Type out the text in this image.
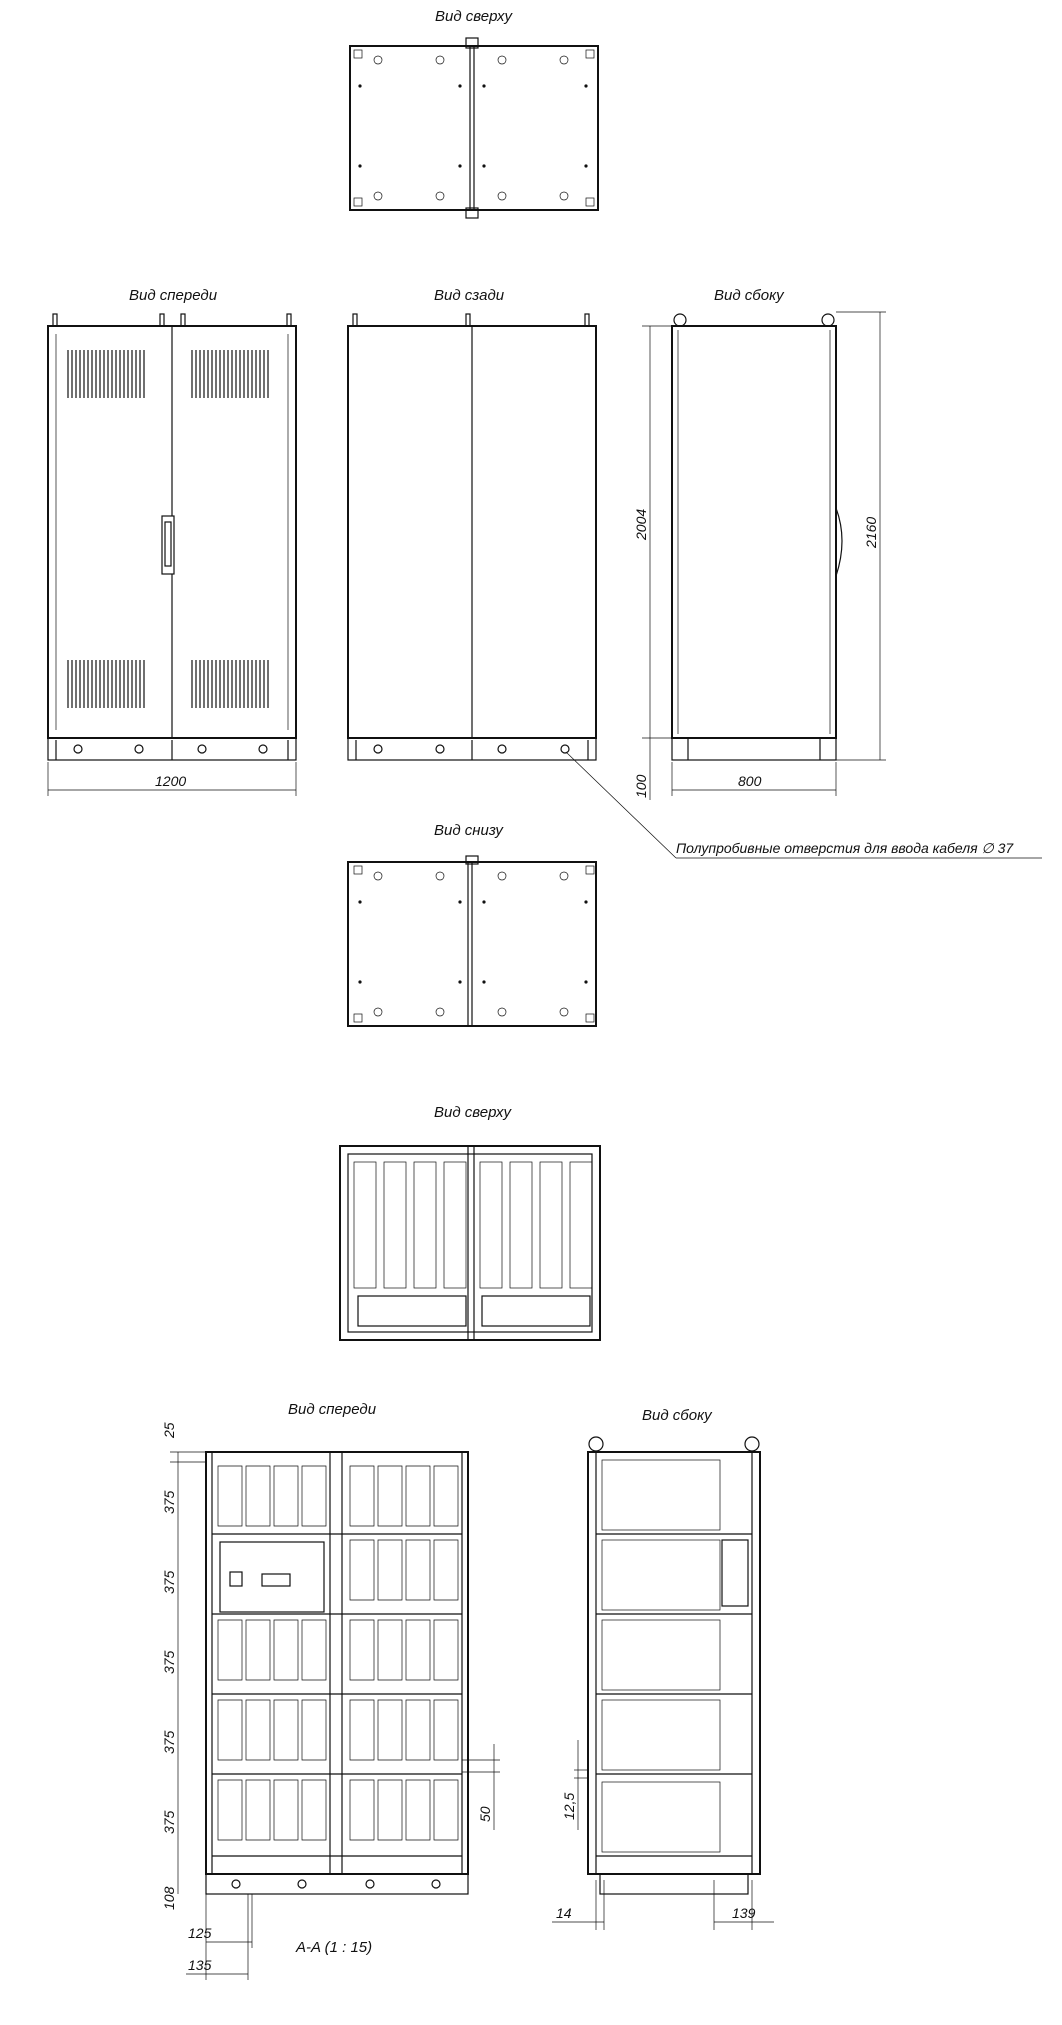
Вид сверху
Вид спереди	Вид сзади	Вид сбоку
Вид снизу
Вид сверху
Вид спереди	Вид сбоку
A-A (1 : 15)
1200	800
2004	2160
100
Полупробивные отверстия для ввода кабеля ∅ 37
25
375
375
375
375
375
108
125
135
50	12,5
14	139
